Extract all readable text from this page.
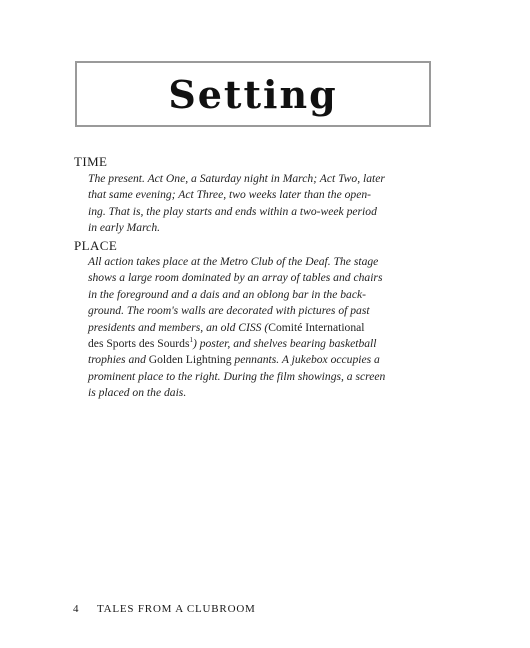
Setting
TIME
The present. Act One, a Saturday night in March; Act Two, later
that same evening; Act Three, two weeks later than the open-
ing. That is, the play starts and ends within a two-week period
in early March.
PLACE
All action takes place at the Metro Club of the Deaf. The stage
shows a large room dominated by an array of tables and chairs
in the foreground and a dais and an oblong bar in the back-
ground. The room's walls are decorated with pictures of past
presidents and members, an old CISS (Comité International
des Sports des Sourds$^1$) poster, and shelves bearing basketball
trophies and Golden Lightning pennants. A jukebox occupies a
prominent place to the right. During the film showings, a screen
is placed on the dais.
4 TALES FROM A CLUBROOM
